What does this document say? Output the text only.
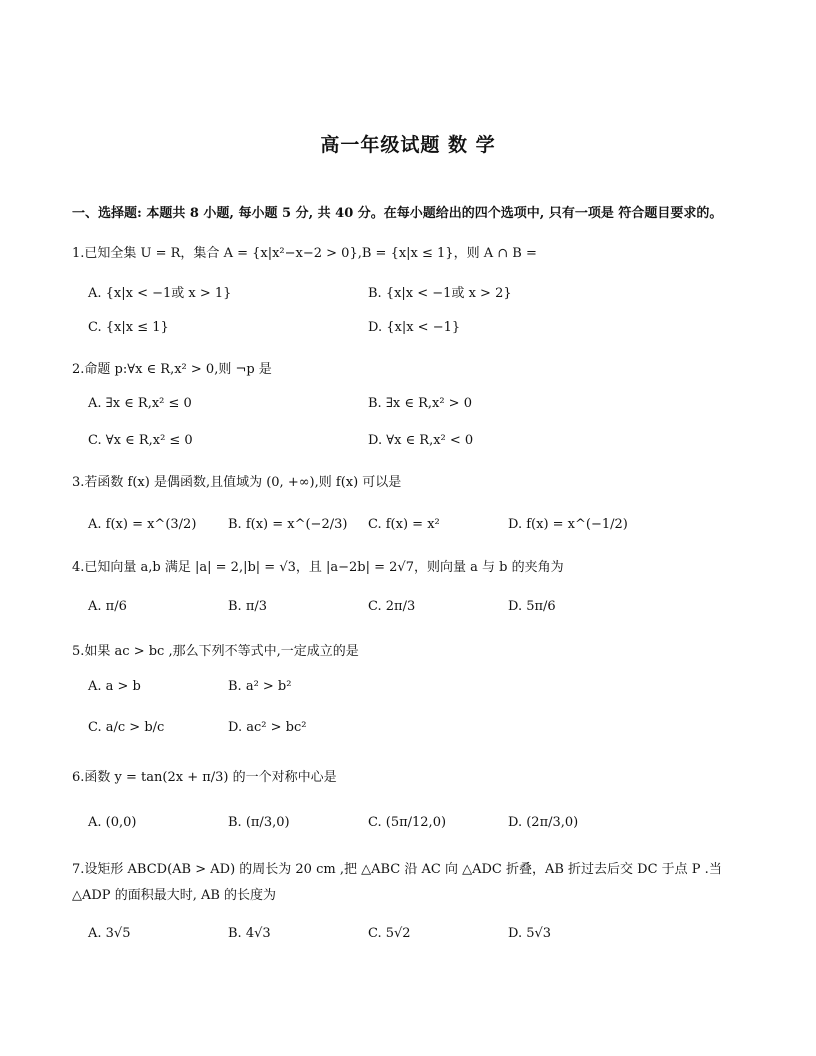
高一年级试题 数 学
一、选择题: 本题共 8 小题, 每小题 5 分, 共 40 分。在每小题给出的四个选项中, 只有一项是 符合题目要求的。
1.已知全集 U = R，集合 A = {x|x²−x−2 > 0},B = {x|x ≤ 1}，则 A ∩ B =
A. {x|x < −1或 x > 1}	B. {x|x < −1或 x > 2}
C. {x|x ≤ 1}	D. {x|x < −1}
2.命题 p:∀x ∈ R,x² > 0,则 ¬p 是
A. ∃x ∈ R,x² ≤ 0	B. ∃x ∈ R,x² > 0
C. ∀x ∈ R,x² ≤ 0	D. ∀x ∈ R,x² < 0
3.若函数 f(x) 是偶函数,且值域为 (0, +∞),则 f(x) 可以是
A. f(x) = x^(3/2) B. f(x) = x^(−2/3) C. f(x) = x²	D. f(x) = x^(−1/2)
4.已知向量 a,b 满足 |a| = 2,|b| = √3，且 |a−2b| = 2√7，则向量 a 与 b 的夹角为
A. π/6	B. π/3	C. 2π/3	D. 5π/6
5.如果 ac > bc ,那么下列不等式中,一定成立的是
A. a > b	B. a² > b²
C. a/c > b/c	D. ac² > bc²
6.函数 y = tan(2x + π/3) 的一个对称中心是
A. (0,0)	B. (π/3,0)	C. (5π/12,0)	D. (2π/3,0)
7.设矩形 ABCD(AB > AD) 的周长为 20 cm ,把 △ABC 沿 AC 向 △ADC 折叠，AB 折过去后交 DC 于点 P .当
△ADP 的面积最大时, AB 的长度为
A. 3√5	B. 4√3	C. 5√2	D. 5√3
